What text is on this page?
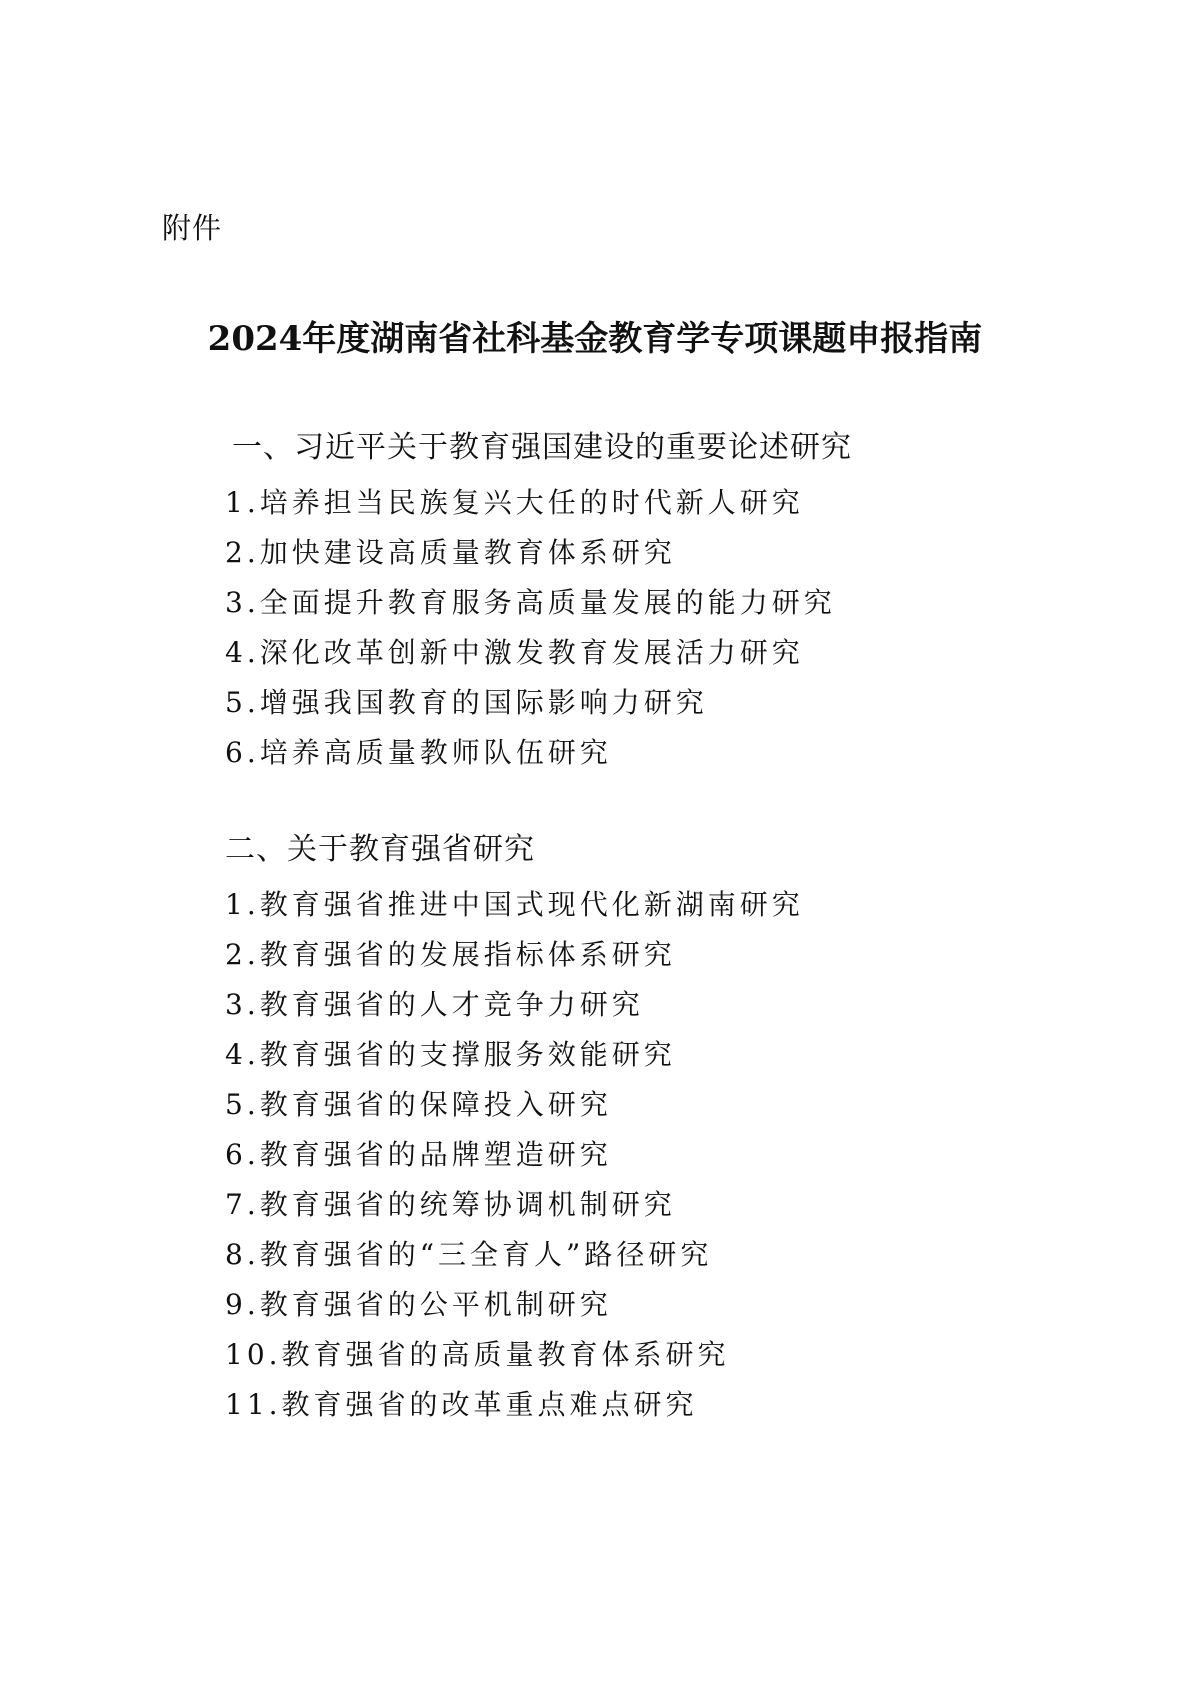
附件
2024年度湖南省社科基金教育学专项课题申报指南
一、习近平关于教育强国建设的重要论述研究
1.培养担当民族复兴大任的时代新人研究
2.加快建设高质量教育体系研究
3.全面提升教育服务高质量发展的能力研究
4.深化改革创新中激发教育发展活力研究
5.增强我国教育的国际影响力研究
6.培养高质量教师队伍研究
二、关于教育强省研究
1.教育强省推进中国式现代化新湖南研究
2.教育强省的发展指标体系研究
3.教育强省的人才竞争力研究
4.教育强省的支撑服务效能研究
5.教育强省的保障投入研究
6.教育强省的品牌塑造研究
7.教育强省的统筹协调机制研究
8.教育强省的“三全育人”路径研究
9.教育强省的公平机制研究
10.教育强省的高质量教育体系研究
11.教育强省的改革重点难点研究
